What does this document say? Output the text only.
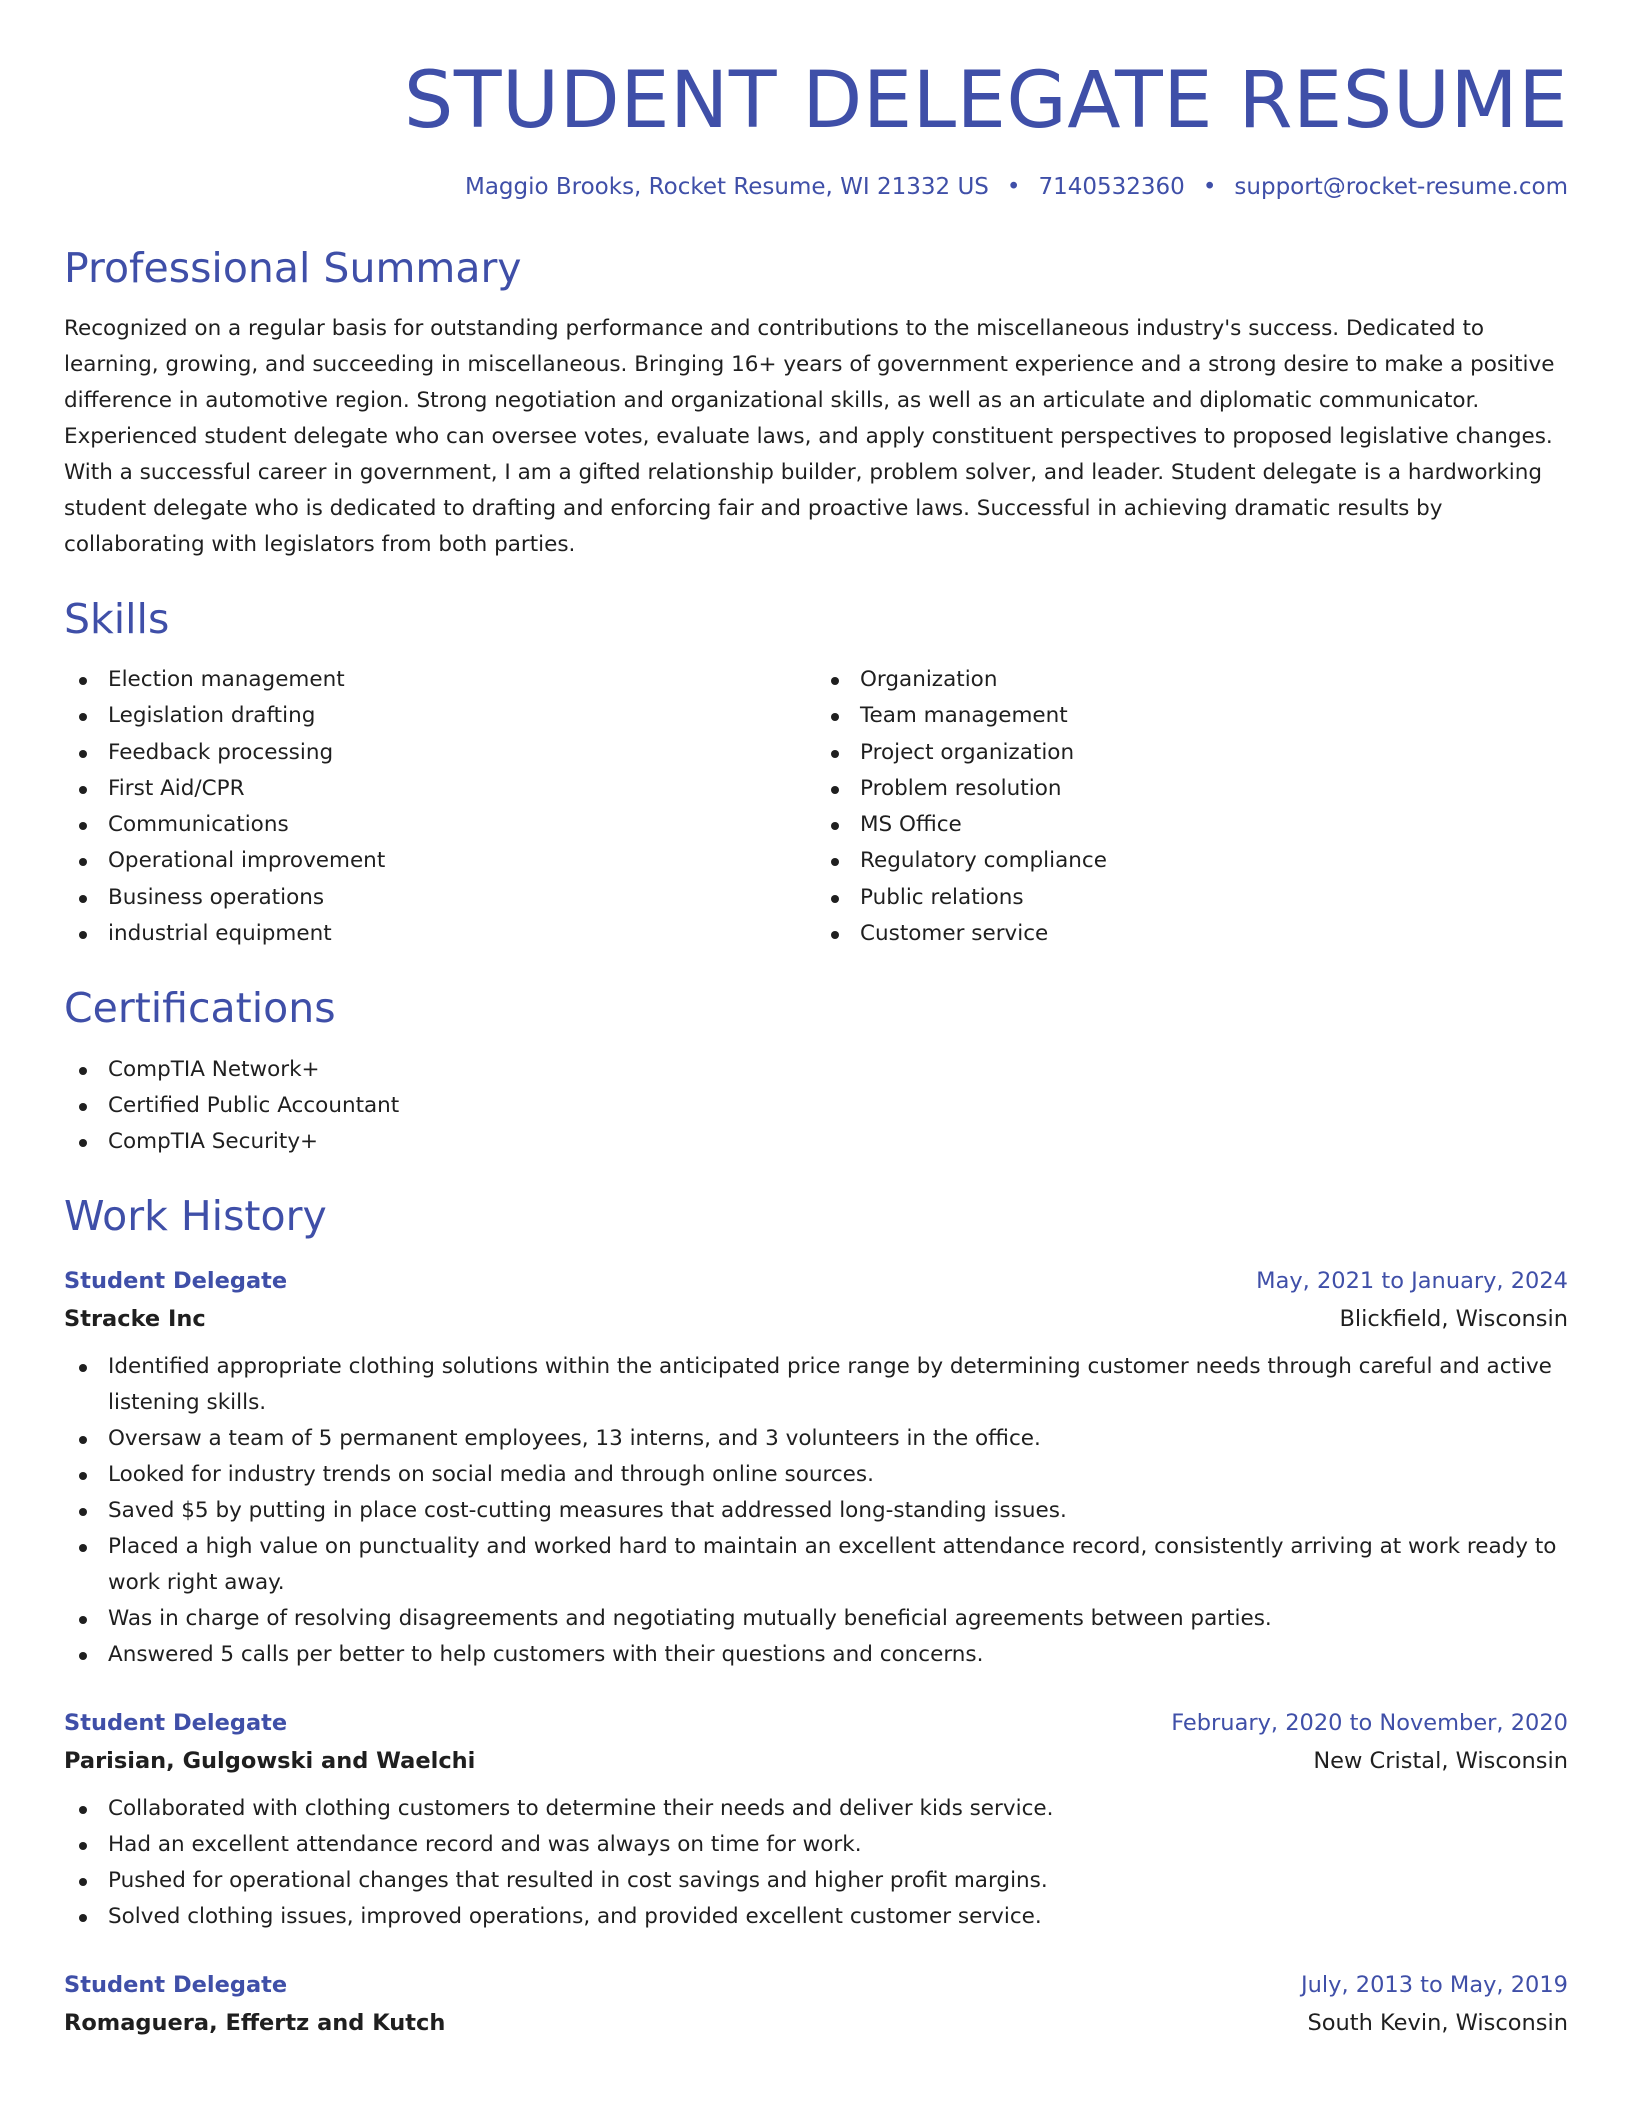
STUDENT DELEGATE RESUME
Maggio Brooks, Rocket Resume, WI 21332 US • 7140532360 • support@rocket-resume.com
Professional Summary

Recognized on a regular basis for outstanding performance and contributions to the miscellaneous industry's success. Dedicated to learning, growing, and succeeding in miscellaneous. Bringing 16+ years of government experience and a strong desire to make a positive difference in automotive region. Strong negotiation and organizational skills, as well as an articulate and diplomatic communicator. Experienced student delegate who can oversee votes, evaluate laws, and apply constituent perspectives to proposed legislative changes. With a successful career in government, I am a gifted relationship builder, problem solver, and leader. Student delegate is a hardworking student delegate who is dedicated to drafting and enforcing fair and proactive laws. Successful in achieving dramatic results by collaborating with legislators from both parties.

Skills
Election management
Legislation drafting
Feedback processing
First Aid/CPR
Communications
Operational improvement
Business operations
industrial equipment
Organization
Team management
Project organization
Problem resolution
MS Office
Regulatory compliance
Public relations
Customer service
Certifications
CompTIA Network+
Certified Public Accountant
CompTIA Security+
Work History
Student Delegate	May, 2021 to January, 2024
Stracke Inc	Blickfield, Wisconsin
Identified appropriate clothing solutions within the anticipated price range by determining customer needs through careful and active listening skills.
Oversaw a team of 5 permanent employees, 13 interns, and 3 volunteers in the office.
Looked for industry trends on social media and through online sources.
Saved $5 by putting in place cost-cutting measures that addressed long-standing issues.
Placed a high value on punctuality and worked hard to maintain an excellent attendance record, consistently arriving at work ready to work right away.
Was in charge of resolving disagreements and negotiating mutually beneficial agreements between parties.
Answered 5 calls per better to help customers with their questions and concerns.
Student Delegate	February, 2020 to November, 2020
Parisian, Gulgowski and Waelchi	New Cristal, Wisconsin
Collaborated with clothing customers to determine their needs and deliver kids service.
Had an excellent attendance record and was always on time for work.
Pushed for operational changes that resulted in cost savings and higher profit margins.
Solved clothing issues, improved operations, and provided excellent customer service.
Student Delegate	July, 2013 to May, 2019
Romaguera, Effertz and Kutch	South Kevin, Wisconsin
